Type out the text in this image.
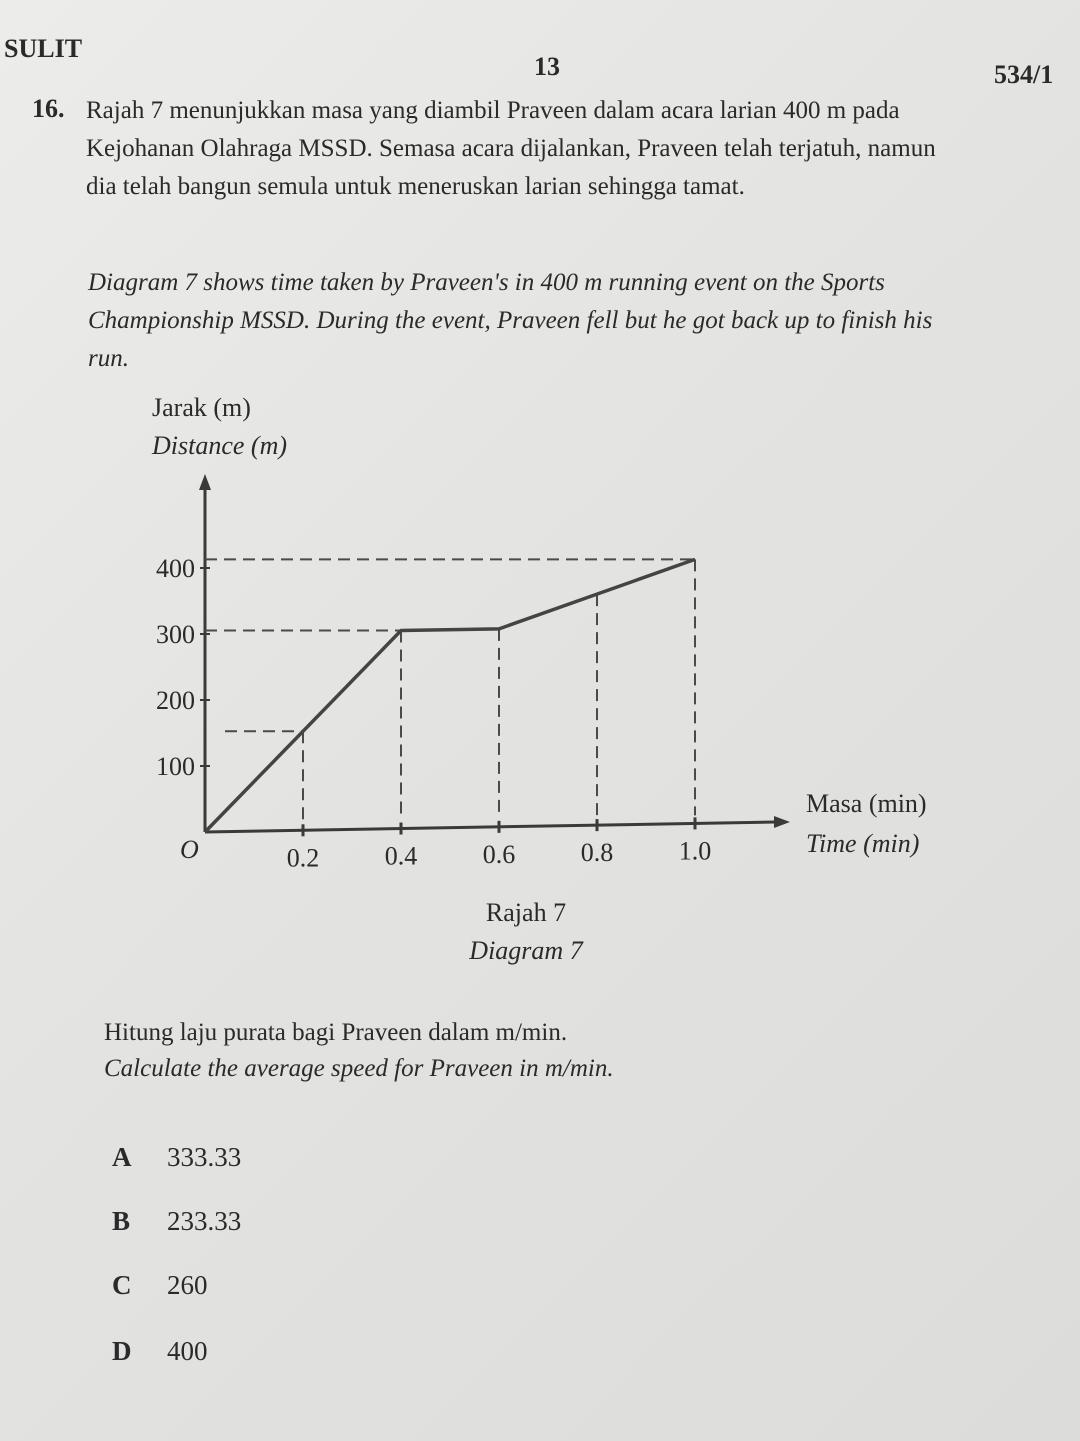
SULIT
13	534/1
16. Rajah 7 menunjukkan masa yang diambil Praveen dalam acara larian 400 m pada
Kejohanan Olahraga MSSD. Semasa acara dijalankan, Praveen telah terjatuh, namun
dia telah bangun semula untuk meneruskan larian sehingga tamat.
Diagram 7 shows time taken by Praveen's in 400 m running event on the Sports
Championship MSSD. During the event, Praveen fell but he got back up to finish his
run.
100
200
300
400
0.2	0.4	0.6	0.8	1.0
Jarak (m)
Distance (m)
Masa (min)
Time (min)
O
Rajah 7
Diagram 7
Hitung laju purata bagi Praveen dalam m/min.
Calculate the average speed for Praveen in m/min.
A	333.33
B	233.33
C	260
D	400
